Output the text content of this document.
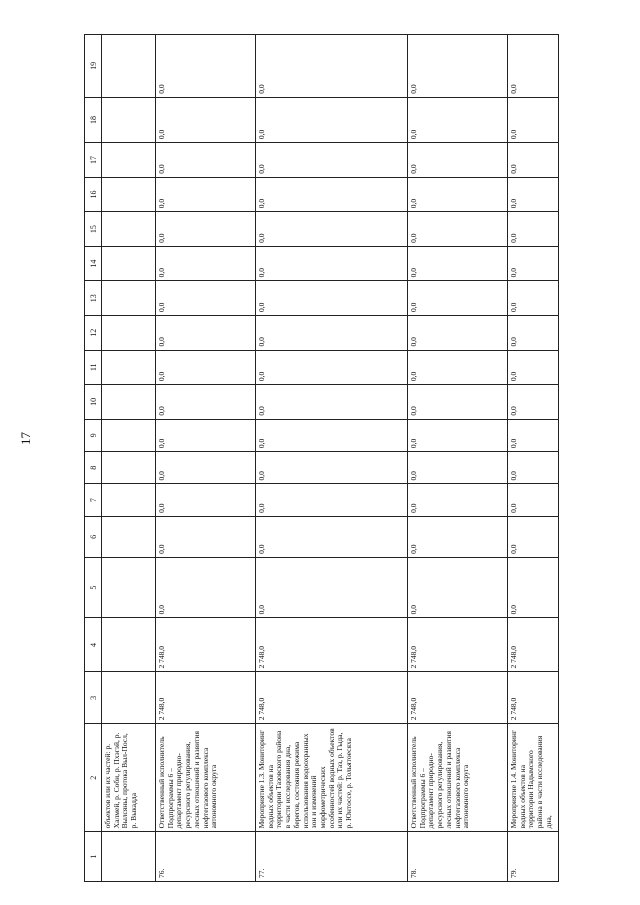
17
1	2	3	4	5	6	7	8	9	10	11	12	13	14	15	16	17	18	19
	объектов или их частей: р. Халмей, р. Соби, р. Пхэгэй, р. Вылсяны, протока Выл-Посл, р. Выкадда																	
76.	Ответственный исполнитель Подпрограммы 6 – департамент природно-ресурсного регулирования, лесных отношений и развития нефтегазового комплекса автономного округа	2 748,0	2 748,0	0,0	0,0	0,0	0,0	0,0	0,0	0,0	0,0	0,0	0,0	0,0	0,0	0,0	0,0	0,0
77.	Мероприятие 1.3. Мониторинг водных объектов на территории Тазовского района в части исследования дна, берегов, состояния режима использования водоохранных зон и изменений морфометрических особенностей водных объектов или их частей: р. Таз, р. Гыда, р. Юнтоссе, р. Тольятоесяха	2 748,0	2 748,0	0,0	0,0	0,0	0,0	0,0	0,0	0,0	0,0	0,0	0,0	0,0	0,0	0,0	0,0	0,0
78.	Ответственный исполнитель Подпрограммы 6 – департамент природно-ресурсного регулирования, лесных отношений и развития нефтегазового комплекса автономного округа	2 748,0	2 748,0	0,0	0,0	0,0	0,0	0,0	0,0	0,0	0,0	0,0	0,0	0,0	0,0	0,0	0,0	0,0
79.	Мероприятие 1.4. Мониторинг водных объектов на территории Надымского района в части исследования дна,	2 748,0	2 748,0	0,0	0,0	0,0	0,0	0,0	0,0	0,0	0,0	0,0	0,0	0,0	0,0	0,0	0,0	0,0
